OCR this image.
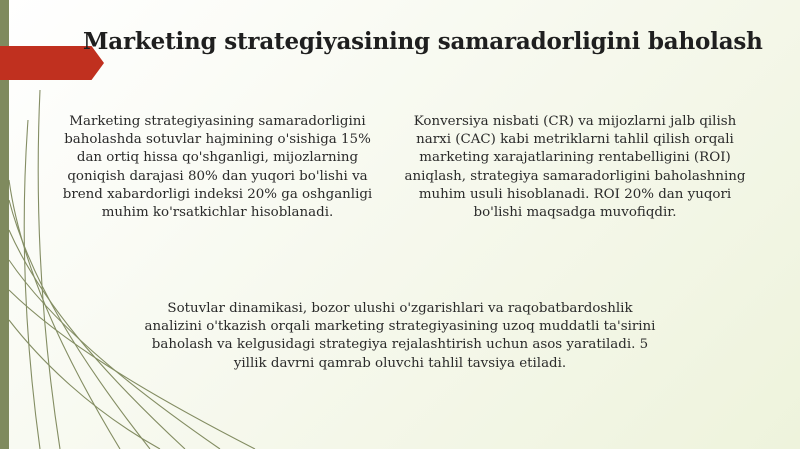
Marketing strategiyasining samaradorligini baholash
Marketing strategiyasining samaradorligini baholashda sotuvlar hajmining o'sishiga 15% dan ortiq hissa qo'shganligi, mijozlarning qoniqish darajasi 80% dan yuqori bo'lishi va brend xabardorligi indeksi 20% ga oshganligi muhim ko'rsatkichlar hisoblanadi.
Konversiya nisbati (CR) va mijozlarni jalb qilish narxi (CAC) kabi metriklarni tahlil qilish orqali marketing xarajatlarining rentabelligini (ROI) aniqlash, strategiya samaradorligini baholashning muhim usuli hisoblanadi. ROI 20% dan yuqori bo'lishi maqsadga muvofiqdir.
Sotuvlar dinamikasi, bozor ulushi o'zgarishlari va raqobatbardoshlik analizini o'tkazish orqali marketing strategiyasining uzoq muddatli ta'sirini baholash va kelgusidagi strategiya rejalashtirish uchun asos yaratiladi. 5 yillik davrni qamrab oluvchi tahlil tavsiya etiladi.
